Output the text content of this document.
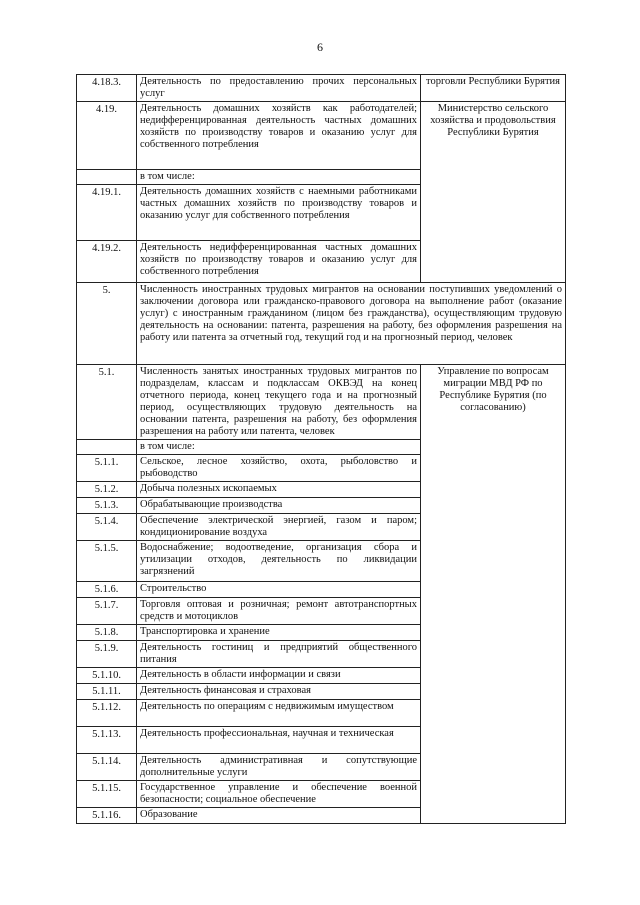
6
4.18.3.	Деятельность по предоставлению прочих персональных услуг	торговли Республики Бурятия
4.19.	Деятельность домашних хозяйств как работодателей; недифференцированная деятельность частных домашних хозяйств по производству товаров и оказанию услуг для собственного потребления	Министерство сельского хозяйства и продовольствия Республики Бурятия
	в том числе:	
4.19.1.	Деятельность домашних хозяйств с наемными работниками частных домашних хозяйств по производству товаров и оказанию услуг для собственного потребления	
4.19.2.	Деятельность недифференцированная частных домашних хозяйств по производству товаров и оказанию услуг для собственного потребления	
5.	Численность иностранных трудовых мигрантов на основании поступивших уведомлений о заключении договора или гражданско-правового договора на выполнение работ (оказание услуг) с иностранным гражданином (лицом без гражданства), осуществляющим трудовую деятельность на основании: патента, разрешения на работу, без оформления разрешения на работу или патента за отчетный год, текущий год и на прогнозный период, человек	
5.1.	Численность занятых иностранных трудовых мигрантов по подразделам, классам и подклассам ОКВЭД на конец отчетного периода, конец текущего года и на прогнозный период, осуществляющих трудовую деятельность на основании патента, разрешения на работу, без оформления разрешения на работу или патента, человек	Управление по вопросам миграции МВД РФ по Республике Бурятия (по согласованию)
	в том числе:	
5.1.1.	Сельское, лесное хозяйство, охота, рыболовство и рыбоводство	
5.1.2.	Добыча полезных ископаемых	
5.1.3.	Обрабатывающие производства	
5.1.4.	Обеспечение электрической энергией, газом и паром; кондиционирование воздуха	
5.1.5.	Водоснабжение; водоотведение, организация сбора и утилизации отходов, деятельность по ликвидации загрязнений	
5.1.6.	Строительство	
5.1.7.	Торговля оптовая и розничная; ремонт автотранспортных средств и мотоциклов	
5.1.8.	Транспортировка и хранение	
5.1.9.	Деятельность гостиниц и предприятий общественного питания	
5.1.10.	Деятельность в области информации и связи	
5.1.11.	Деятельность финансовая и страховая	
5.1.12.	Деятельность по операциям с недвижимым имуществом	
5.1.13.	Деятельность профессиональная, научная и техническая	
5.1.14.	Деятельность административная и сопутствующие дополнительные услуги	
5.1.15.	Государственное управление и обеспечение военной безопасности; социальное обеспечение	
5.1.16.	Образование	
